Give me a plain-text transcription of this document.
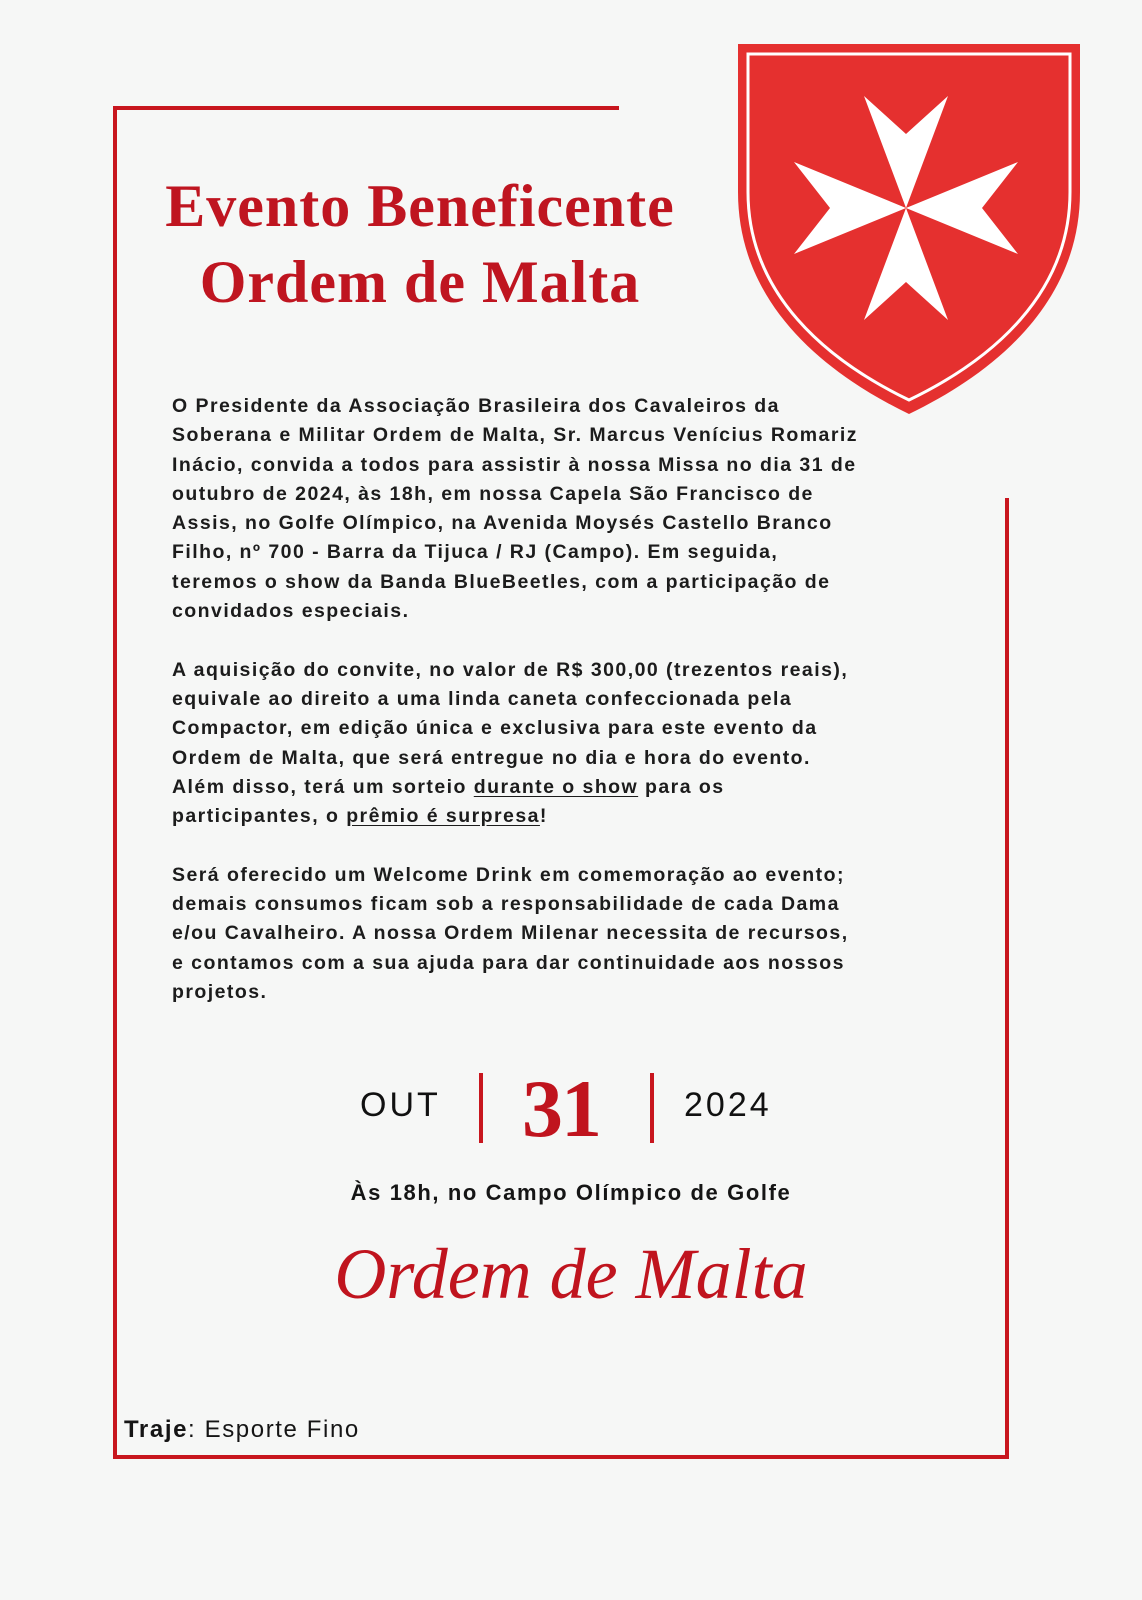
Evento Beneficente
Ordem de Malta
O Presidente da Associação Brasileira dos Cavaleiros da
Soberana e Militar Ordem de Malta, Sr. Marcus Venícius Romariz
Inácio, convida a todos para assistir à nossa Missa no dia 31 de
outubro de 2024, às 18h, em nossa Capela São Francisco de
Assis, no Golfe Olímpico, na Avenida Moysés Castello Branco
Filho, nº 700 - Barra da Tijuca / RJ (Campo). Em seguida,
teremos o show da Banda BlueBeetles, com a participação de
convidados especiais.
A aquisição do convite, no valor de R$ 300,00 (trezentos reais),
equivale ao direito a uma linda caneta confeccionada pela
Compactor, em edição única e exclusiva para este evento da
Ordem de Malta, que será entregue no dia e hora do evento.
Além disso, terá um sorteio durante o show para os
participantes, o prêmio é surpresa!
Será oferecido um Welcome Drink em comemoração ao evento;
demais consumos ficam sob a responsabilidade de cada Dama
e/ou Cavalheiro. A nossa Ordem Milenar necessita de recursos,
e contamos com a sua ajuda para dar continuidade aos nossos
projetos.
OUT 31 2024
Às 18h, no Campo Olímpico de Golfe
Ordem de Malta
Traje: Esporte Fino
